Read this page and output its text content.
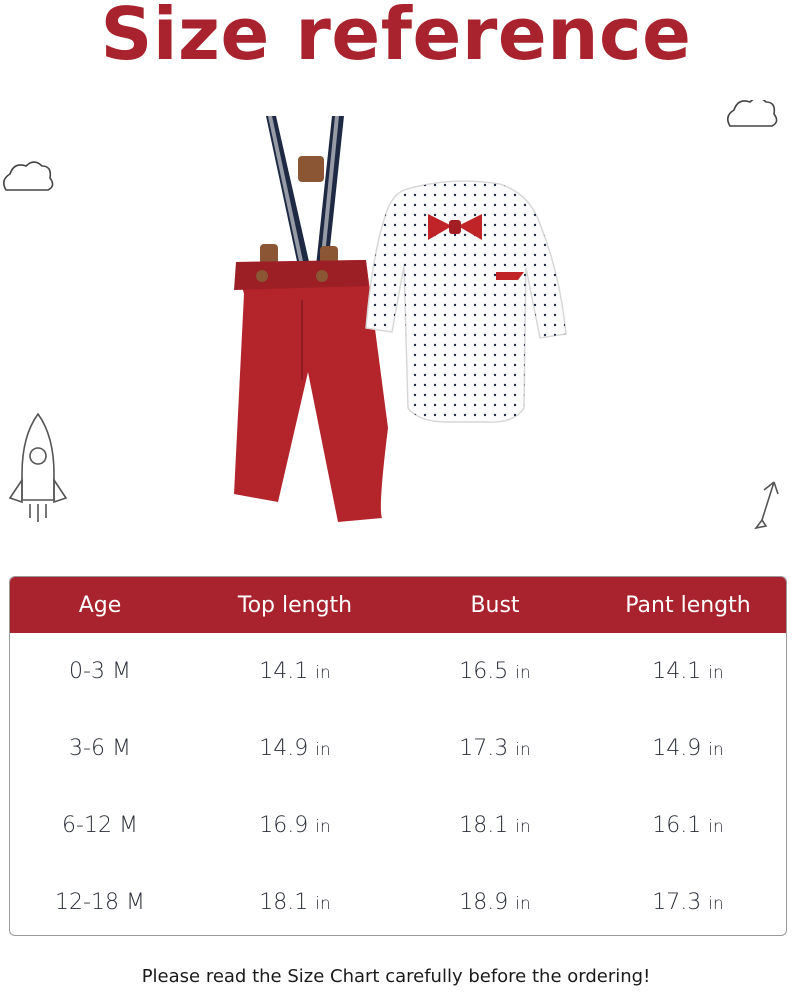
Size reference
Age	Top length	Bust	Pant length
0-3 M	14.1 in	16.5 in	14.1 in
3-6 M	14.9 in	17.3 in	14.9 in
6-12 M	16.9 in	18.1 in	16.1 in
12-18 M	18.1 in	18.9 in	17.3 in
Please read the Size Chart carefully before the ordering!
